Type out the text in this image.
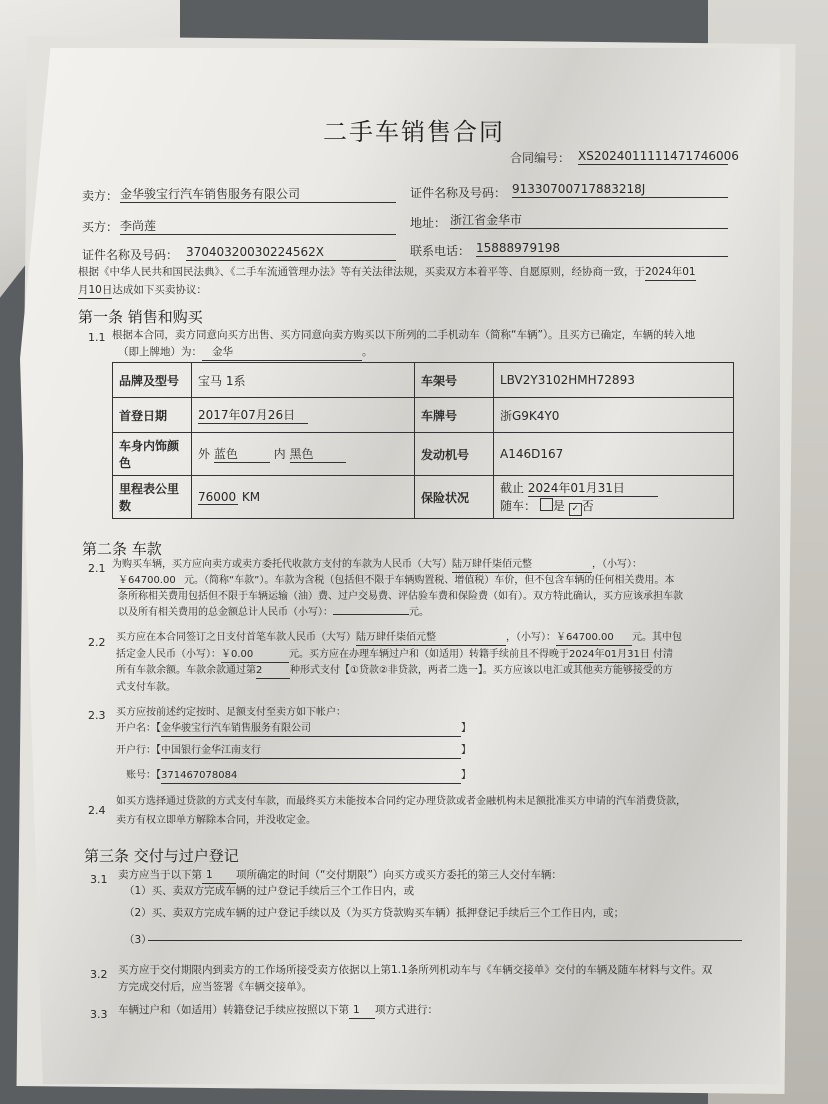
二手车销售合同
合同编号： XS20240111114717460​06
卖方： 金华骏宝行汽车销售服务有限公司	证件名称及号码： 91330700717883218J
买方： 李尚莲	地址： 浙江省金华市
证件名称及号码： 37040320030224562X	联系电话： 15888979198
根据《中华人民共和国民法典》、《二手车流通管理办法》等有关法律法规，买卖双方本着平等、自愿原则，经协商一致，于2024年01
月10日达成如下买卖协议：
第一条 销售和购买
1.1 根据本合同，卖方同意向买方出售、买方同意向卖方购买以下所列的二手机动车（简称“车辆”）。且买方已确定，车辆的转入地
（即上牌地）为： 金华	。
品牌及型号	宝马 1系	车架号	LBV2Y3102HMH72893
首登日期	2017年07月26日	车牌号	浙G9K4Y0
车身内饰颜色	外 蓝色 内 黑色	发动机号	A146D167
里程表公里数	76000 KM	保险状况	截止 2024年01月31日
随车： 是 ✓ 否
第二条 车款
2.1 为购买车辆，买方应向卖方或卖方委托代收款方支付的车款为人民币（大写）陆万肆仟柒佰元整	，（小写）：
￥64700.00 元。（简称“车款”）。车款为含税（包括但不限于车辆购置税、增值税）车价，但不包含车辆的任何相关费用。本
条所称相关费用包括但不限于车辆运输（油）费、过户交易费、评估验车费和保险费（如有）。双方特此确认，买方应该承担车款
以及所有相关费用的总金额总计人民币（小写）：	元。
2.2 买方应在本合同签订之日支付首笔车款人民币（大写）陆万肆仟柒佰元整	，（小写）：￥64700.00 元。其中包
括定金人民币（小写）：￥0.00	元。买方应在办理车辆过户和（如适用）转籍手续前且不得晚于2024年01月31日 付清
所有车款余额。车款余款通过第2	种形式支付【①贷款②非贷款，两者二选一】。买方应该以电汇或其他卖方能够接受的方
式支付车款。
2.3 买方应按前述约定按时、足额支付至卖方如下帐户：
开户名：【金华骏宝行汽车销售服务有限公司	】
开户行：【中国银行金华江南支行	】
账号：【371467078084	】
2.4
如买方选择通过贷款的方式支付车款，而最终买方未能按本合同约定办理贷款或者金融机构未足额批准买方申请的汽车消费贷款，
卖方有权立即单方解除本合同，并没收定金。
第三条 交付与过户登记
3.1 卖方应当于以下第 1 项所确定的时间（“交付期限”）向买方或买方委托的第三人交付车辆：
（1）买、卖双方完成车辆的过户登记手续后三个工作日内，或
（2）买、卖双方完成车辆的过户登记手续以及（为买方贷款购买车辆）抵押登记手续后三个工作日内，或；
（3）
3.2 买方应于交付期限内到卖方的工作场所接受卖方依据以上第1.1条所列机动车与《车辆交接单》交付的车辆及随车材料与文件。双
方完成交付后，应当签署《车辆交接单》。
3.3 车辆过户和（如适用）转籍登记手续应按照以下第 1 项方式进行：
